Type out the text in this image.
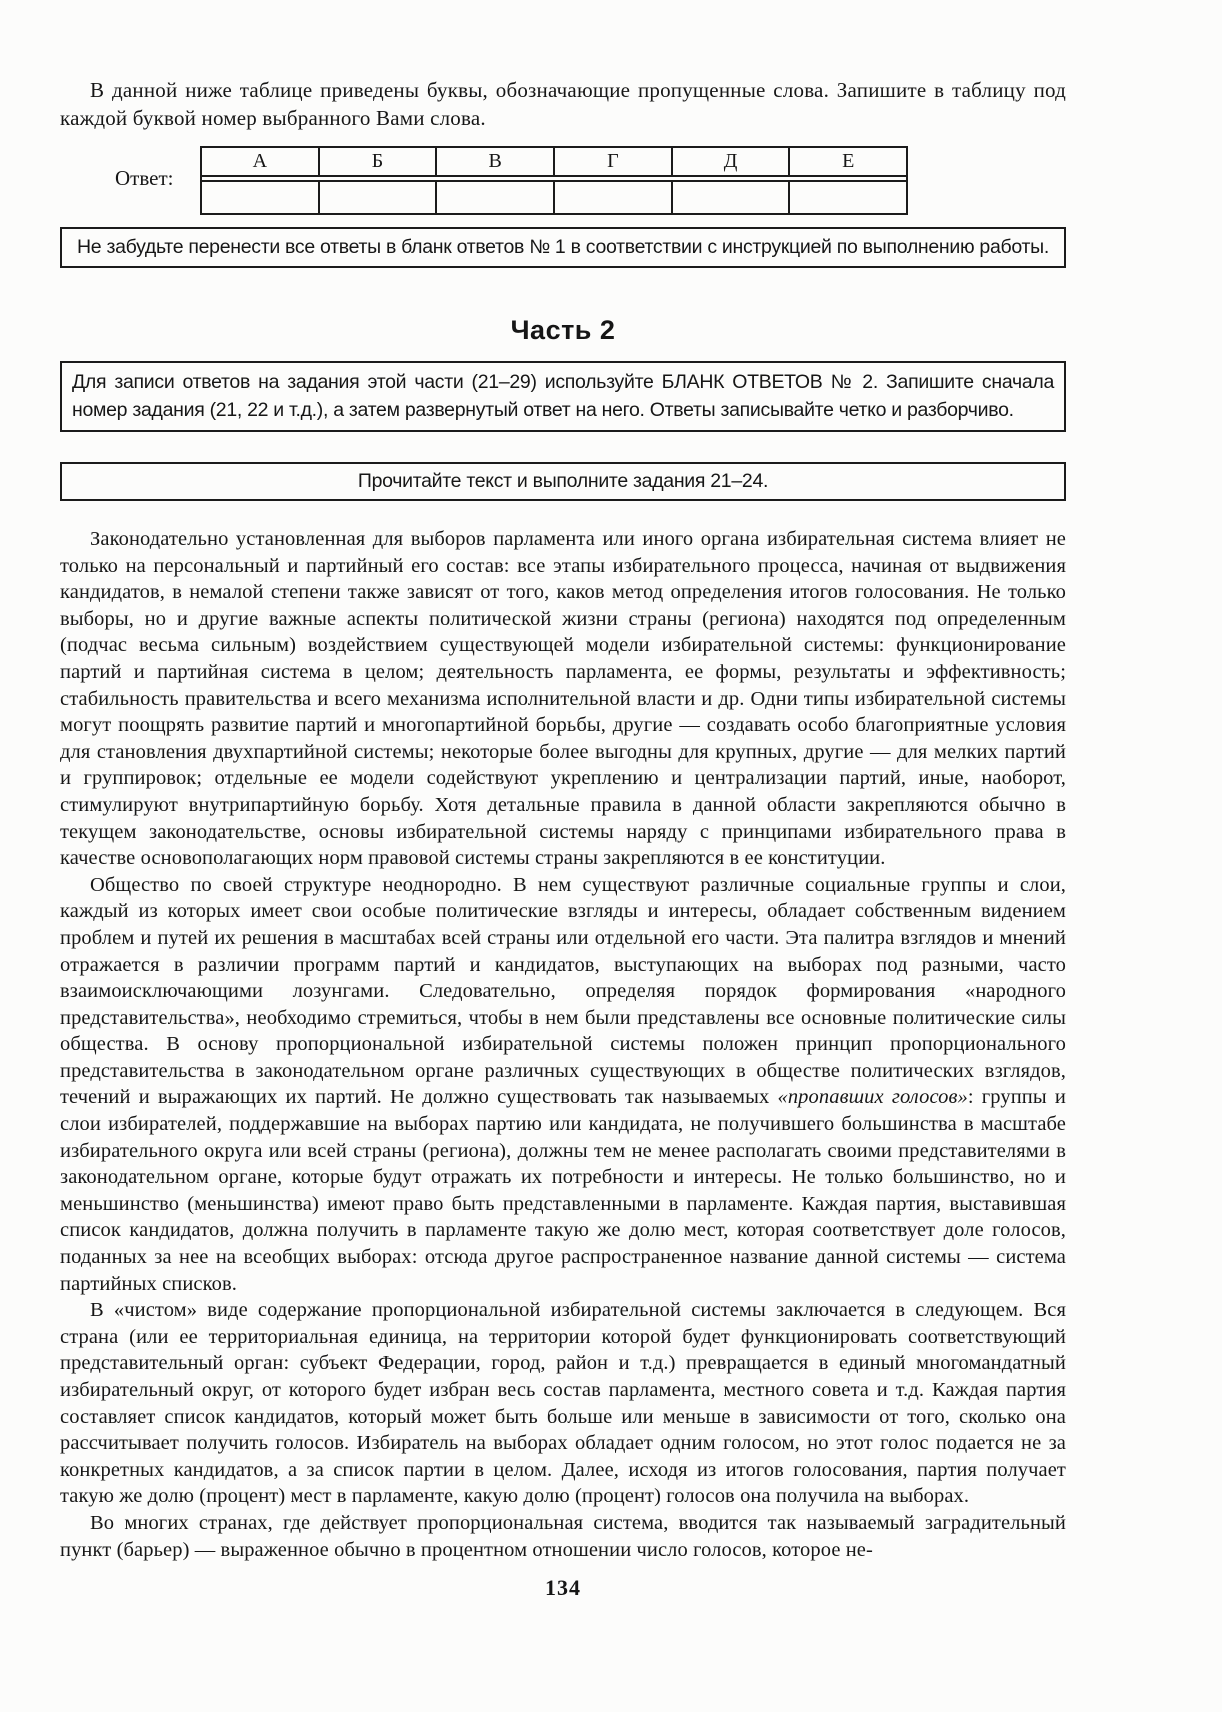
В данной ниже таблице приведены буквы, обозначающие пропущенные слова. Запишите в таблицу под каждой буквой номер выбранного Вами слова.

Ответ:
А	Б	В	Г	Д	Е
Не забудьте перенести все ответы в бланк ответов № 1 в соответствии с инструкцией по выполнению работы.
Часть 2
Для записи ответов на задания этой части (21–29) используйте БЛАНК ОТВЕТОВ № 2. Запишите сначала номер задания (21, 22 и т.д.), а затем развернутый ответ на него. Ответы записывайте четко и разборчиво.
Прочитайте текст и выполните задания 21–24.

Законодательно установленная для выборов парламента или иного органа избирательная система влияет не только на персональный и партийный его состав: все этапы избирательного процесса, начиная от выдвижения кандидатов, в немалой степени также зависят от того, каков метод определения итогов голосования. Не только выборы, но и другие важные аспекты политической жизни страны (региона) находятся под определенным (подчас весьма сильным) воздействием существующей модели избирательной системы: функционирование партий и партийная система в целом; деятельность парламента, ее формы, результаты и эффективность; стабильность правительства и всего механизма исполнительной власти и др. Одни типы избирательной системы могут поощрять развитие партий и многопартийной борьбы, другие — создавать особо благоприятные условия для становления двухпартийной системы; некоторые более выгодны для крупных, другие — для мелких партий и группировок; отдельные ее модели содействуют укреплению и централизации партий, иные, наоборот, стимулируют внутрипартийную борьбу. Хотя детальные правила в данной области закрепляются обычно в текущем законодательстве, основы избирательной системы наряду с принципами избирательного права в качестве основополагающих норм правовой системы страны закрепляются в ее конституции.

Общество по своей структуре неоднородно. В нем существуют различные социальные группы и слои, каждый из которых имеет свои особые политические взгляды и интересы, обладает собственным видением проблем и путей их решения в масштабах всей страны или отдельной его части. Эта палитра взглядов и мнений отражается в различии программ партий и кандидатов, выступающих на выборах под разными, часто взаимоисключающими лозунгами. Следовательно, определяя порядок формирования «народного представительства», необходимо стремиться, чтобы в нем были представлены все основные политические силы общества. В основу пропорциональной избирательной системы положен принцип пропорционального представительства в законодательном органе различных существующих в обществе политических взглядов, течений и выражающих их партий. Не должно существовать так называемых «пропавших голосов»: группы и слои избирателей, поддержавшие на выборах партию или кандидата, не получившего большинства в масштабе избирательного округа или всей страны (региона), должны тем не менее располагать своими представителями в законодательном органе, которые будут отражать их потребности и интересы. Не только большинство, но и меньшинство (меньшинства) имеют право быть представленными в парламенте. Каждая партия, выставившая список кандидатов, должна получить в парламенте такую же долю мест, которая соответствует доле голосов, поданных за нее на всеобщих выборах: отсюда другое распространенное название данной системы — система партийных списков.

В «чистом» виде содержание пропорциональной избирательной системы заключается в следующем. Вся страна (или ее территориальная единица, на территории которой будет функционировать соответствующий представительный орган: субъект Федерации, город, район и т.д.) превращается в единый многомандатный избирательный округ, от которого будет избран весь состав парламента, местного совета и т.д. Каждая партия составляет список кандидатов, который может быть больше или меньше в зависимости от того, сколько она рассчитывает получить голосов. Избиратель на выборах обладает одним голосом, но этот голос подается не за конкретных кандидатов, а за список партии в целом. Далее, исходя из итогов голосования, партия получает такую же долю (процент) мест в парламенте, какую долю (процент) голосов она получила на выборах.

Во многих странах, где действует пропорциональная система, вводится так называемый заградительный пункт (барьер) — выраженное обычно в процентном отношении число голосов, которое не-

134
